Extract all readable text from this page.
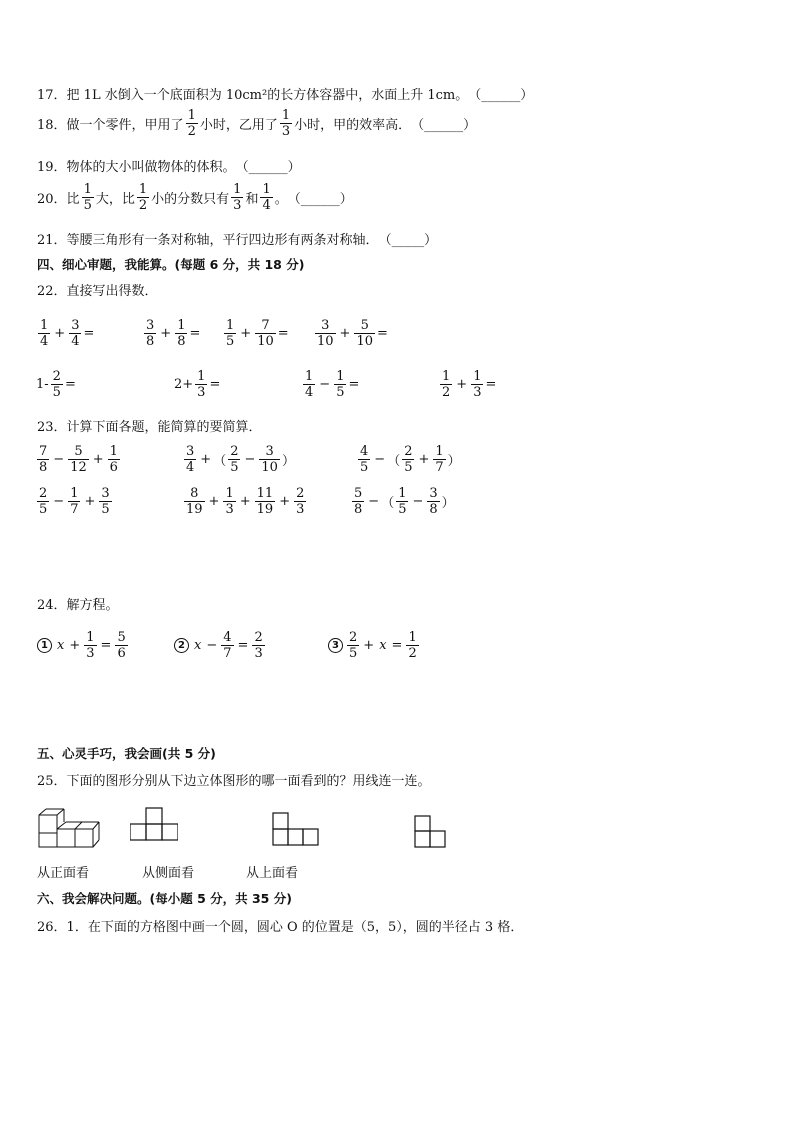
17． 把 1L 水倒入一个底面积为 10cm²的长方体容器中，水面上升 1cm。 （______）
18． 做一个零件，甲用了 $\frac{1}{2}$ 小时，乙用了 $\frac{1}{3}$ 小时，甲的效率高． （______）
19． 物体的大小叫做物体的体积。 （______）
20． 比 $\frac{1}{5}$ 大，比 $\frac{1}{2}$ 小的分数只有 $\frac{1}{3}$ 和 $\frac{1}{4}$ 。 （______）
21． 等腰三角形有一条对称轴，平行四边形有两条对称轴． （_____）
四、细心审题，我能算。(每题 6 分，共 18 分)
22． 直接写出得数．
$\frac{1}{4} + \frac{3}{4}$ =	$\frac{3}{8} + \frac{1}{8} = \frac{1}{5} + \frac{7}{10} = \frac{3}{10} + \frac{5}{10}$ =
$1- \frac{2}{5}$ =	$2+ \frac{1}{3}$ =	$\frac{1}{4} - \frac{1}{5}$ =	$\frac{1}{2} + \frac{1}{3}$ =
23． 计算下面各题，能简算的要简算．
$\frac{7}{8} - \frac{5}{12} + \frac{1}{6}$	$\frac{3}{4}$ + （ $\frac{2}{5} - \frac{3}{10}$ ）	$\frac{4}{5}$ − （ $\frac{2}{5} + \frac{1}{7}$ ）
$\frac{2}{5} - \frac{1}{7} + \frac{3}{5}$	$\frac{8}{19} + \frac{1}{3} + \frac{11}{19} + \frac{2}{3}$	$\frac{5}{8}$ − （ $\frac{1}{5} - \frac{3}{8}$ ）
24． 解方程。
1 $x + \frac{1}{3} = \frac{5}{6}$	2 $x - \frac{4}{7} = \frac{2}{3}$	$3 \frac{2}{5} + x = \frac{1}{2}$
五、心灵手巧，我会画(共 5 分)
25． 下面的图形分别从下边立体图形的哪一面看到的？用线连一连。
从正面看	从侧面看	从上面看
六、我会解决问题。(每小题 5 分，共 35 分)
26． 1．在下面的方格图中画一个圆，圆心 O 的位置是（5，5），圆的半径占 3 格．
